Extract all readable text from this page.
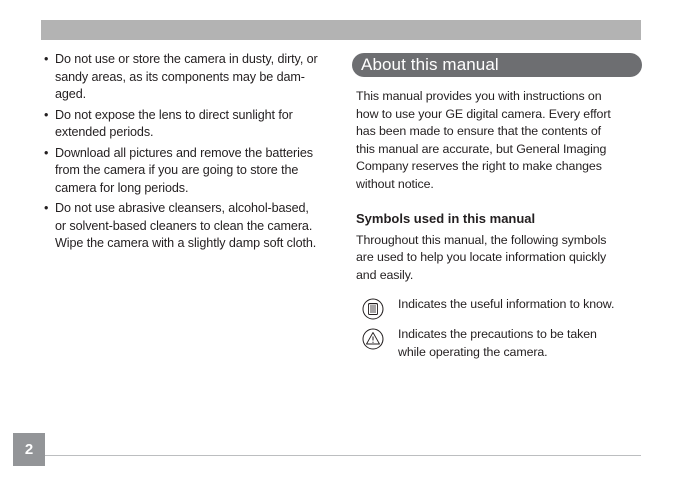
• Do not use or store the camera in dusty, dirty, or
sandy areas, as its components may be dam-
aged.
• Do not expose the lens to direct sunlight for
extended periods.
• Download all pictures and remove the batteries
from the camera if you are going to store the
camera for long periods.
• Do not use abrasive cleansers, alcohol-based,
or solvent-based cleaners to clean the camera.
Wipe the camera with a slightly damp soft cloth.
About this manual
This manual provides you with instructions on
how to use your GE digital camera. Every effort
has been made to ensure that the contents of
this manual are accurate, but General Imaging
Company reserves the right to make changes
without notice.
Symbols used in this manual
Throughout this manual, the following symbols
are used to help you locate information quickly
and easily.
Indicates the useful information to know.
Indicates the precautions to be taken
while operating the camera.
2
